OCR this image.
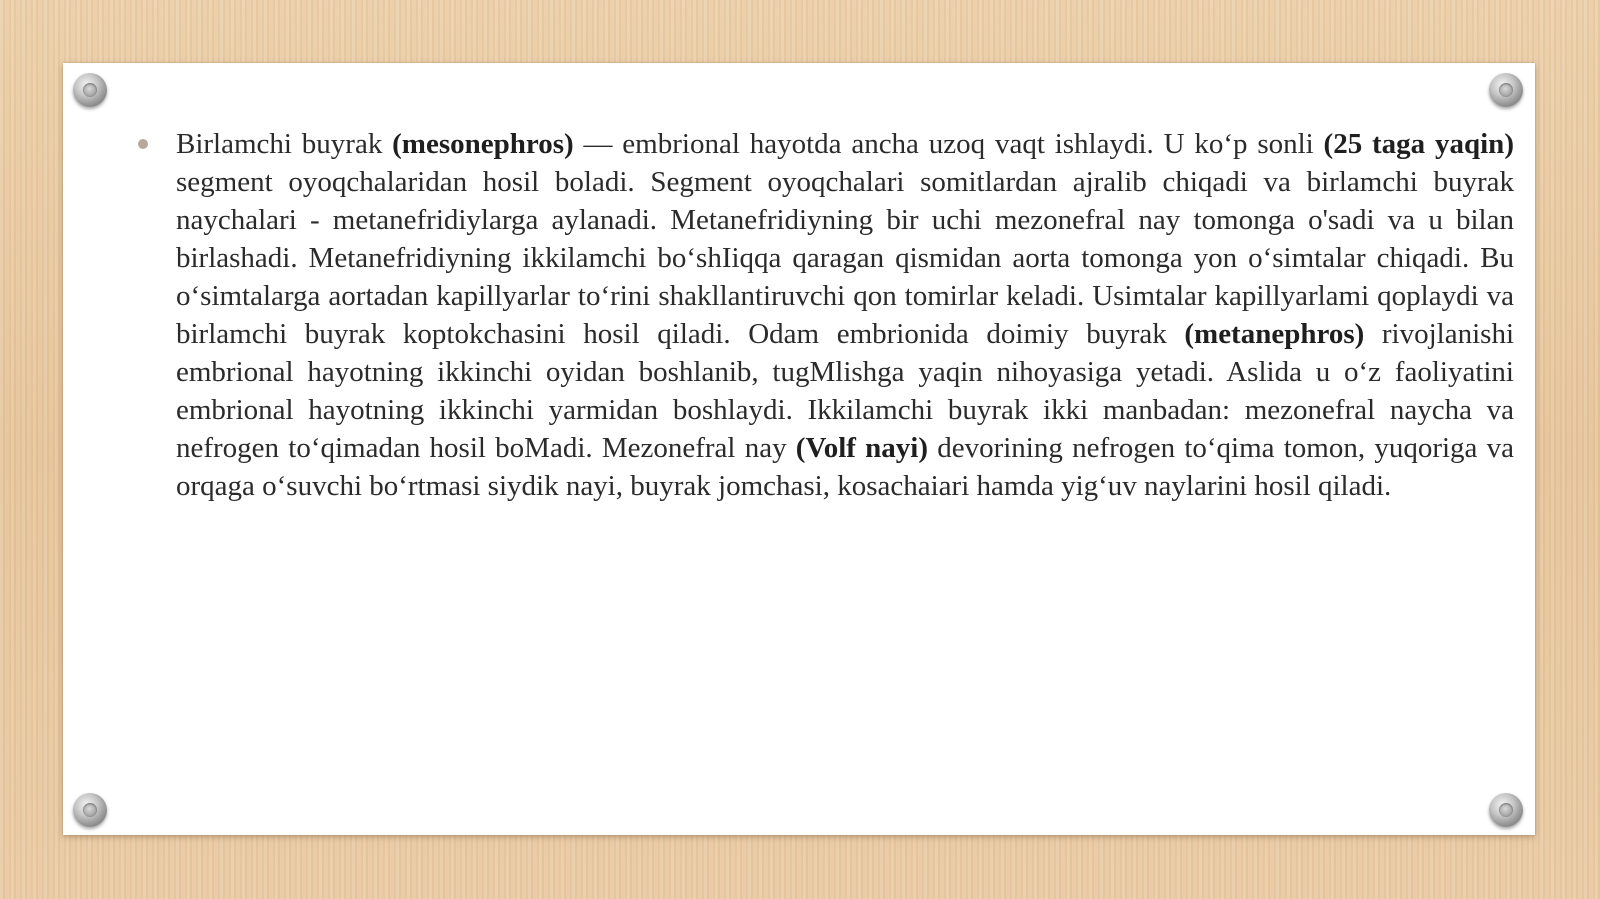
Birlamchi buyrak (mesonephros) — embrional hayotda ancha uzoq vaqt ishlaydi. U ko‘p sonli (25 taga yaqin) segment oyoqchalaridan hosil boladi. Segment oyoqchalari somitlardan ajralib chiqadi va birlamchi buyrak naychalari - metanefridiylarga aylanadi. Metanefridiyning bir uchi mezonefral nay tomonga o'sadi va u bilan birlashadi. Metanefridiyning ikkilamchi bo‘shIiqqa qaragan qismidan aorta tomonga yon o‘simtalar chiqadi. Bu o‘simtalarga aortadan kapillyarlar to‘rini shakllantiruvchi qon tomirlar keladi. Usimtalar kapillyarlami qoplaydi va birlamchi buyrak koptokchasini hosil qiladi. Odam embrionida doimiy buyrak (metanephros) rivojlanishi embrional hayotning ikkinchi oyidan boshlanib, tugMlishga yaqin nihoyasiga yetadi. Aslida u o‘z faoliyatini embrional hayotning ikkinchi yarmidan boshlaydi. Ikkilamchi buyrak ikki manbadan: mezonefral naycha va nefrogen to‘qimadan hosil boMadi. Mezonefral nay (Volf nayi) devorining nefrogen to‘qima tomon, yuqoriga va orqaga o‘suvchi bo‘rtmasi siydik nayi, buyrak jomchasi, kosachaiari hamda yig‘uv naylarini hosil qiladi.
